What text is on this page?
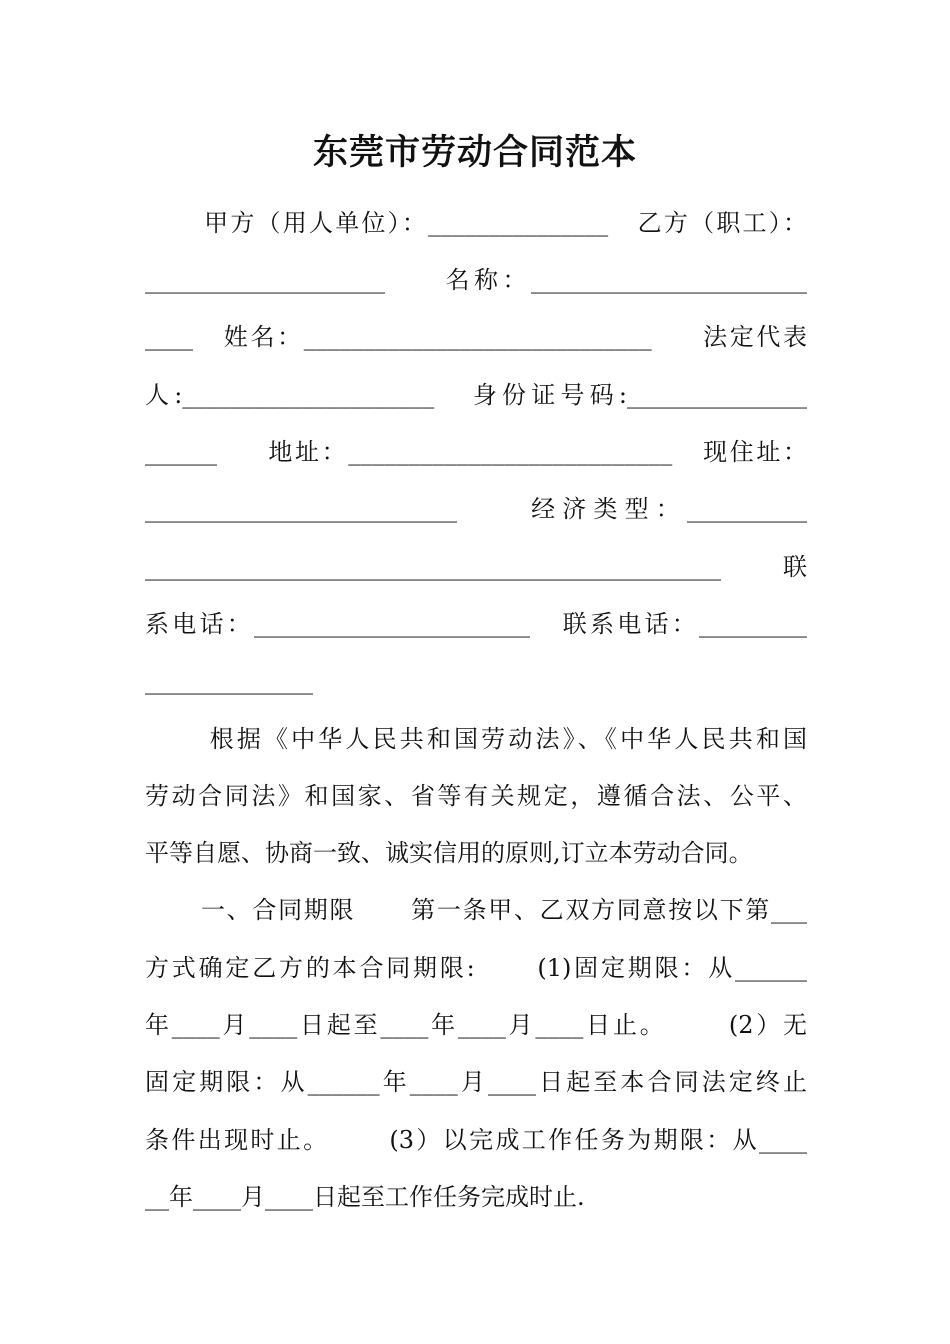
东莞市劳动合同范本
甲方（用人单位）：_______________   乙方（职工）：
____________________     名称：_______________________
____   姓名：_____________________________     法定代表
人:_____________________   身份证号码:_______________
______     地址：___________________________   现住址：
__________________________     经济类型：__________
________________________________________________     联
系电话：_______________________   联系电话：_________
______________
根据《中华人民共和国劳动法》、《中华人民共和国
劳动合同法》和国家、省等有关规定，遵循合法、公平、
平等自愿、协商一致、诚实信用的原则,订立本劳动合同。
一、合同期限      第一条甲、乙双方同意按以下第___
方式确定乙方的本合同期限:      (1)固定期限：从______
年____月____日起至____年____月____日止。      (2）无
固定期限：从______年____月____日起至本合同法定终止
条件出现时止。      (3）以完成工作任务为期限：从____
__年____月____日起至工作任务完成时止.
